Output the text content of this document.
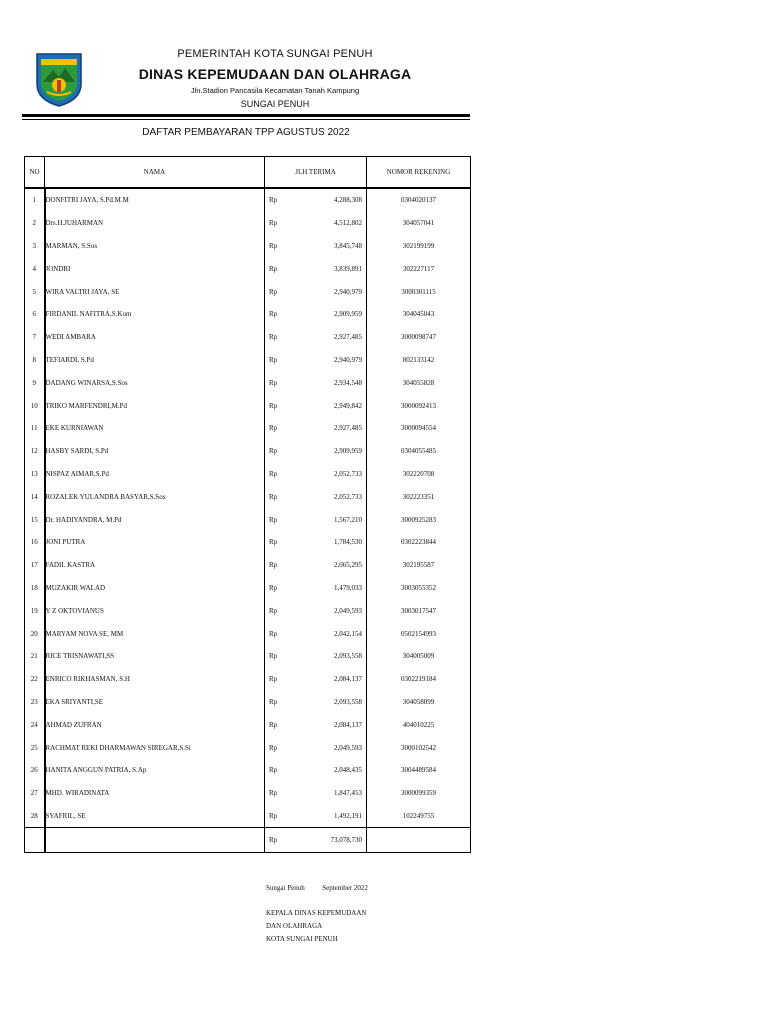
PEMERINTAH KOTA SUNGAI PENUH
DINAS KEPEMUDAAN DAN OLAHRAGA
Jln.Stadion Pancasila Kecamatan Tanah Kampung
SUNGAI PENUH
DAFTAR PEMBAYARAN TPP AGUSTUS 2022
NO	NAMA	JLH TERIMA	NOMOR REKENING
1	DONFITRI JAYA, S.Pd.M.M	Rp 4,288,308	0304020137
2	Drs.H.JUHARMAN	Rp 4,512,802	304057041
3	MARMAN, S.Sos	Rp 3,845,748	302199199
4	JONDRI	Rp 3,839,891	302227117
5	WIRA VALTRI JAYA, SE	Rp 2,940,979	3000301115
6	FIRDANIL NAFITRA,S.Kom	Rp 2,909,959	304045043
7	WEDI AMBARA	Rp 2,927,485	3000098747
8	TEFIARDI, S.Pd	Rp 2,940,979	802133142
9	DADANG WINARSA,S.Sos	Rp 2,934,548	304055828
10	TRIKO MARFENDRI,M.Pd	Rp 2,949,842	3000092413
11	EKE KURNIAWAN	Rp 2,927,485	3000094554
12	HASBY SARDI, S.Pd	Rp 2,909,959	0304055485
13	NISPAZ AIMAR,S.Pd	Rp 2,052,733	302220708
14	ROZALEK YULANDRA BASYAR,S.Sos	Rp 2,052,733	302223351
15	Dr. HADIYANDRA, M.Pd	Rp 1,567,210	3000925283
16	JONI PUTRA	Rp 1,784,530	0302223844
17	FADIL KASTRA	Rp 2,065,295	302195587
18	MUZAKIR WALAD	Rp 1,479,033	3003055352
19	Y Z OKTOVIANUS	Rp 2,049,593	3003017547
20	MARYAM NOVA SE, MM	Rp 2,042,154	0502154993
21	RICE TRISNAWATI,SS	Rp 2,093,558	304005009
22	ENRICO RIKHASMAN, S.H	Rp 2,084,137	0302219184
23	EKA SRIYANTI,SE	Rp 2,093,558	304058099
24	AHMAD ZUFRAN	Rp 2,084,137	404010225
25	RACHMAT REKI DHARMAWAN SIREGAR,S.Si	Rp 2,049,593	3000102542
26	HANITA ANGGUN PATRIA, S.Ap	Rp 2,048,435	3004489584
27	MHD. WIRADINATA	Rp 1,847,453	3000099359
28	SYAFRIL, SE	Rp 1,492,191	102249755

		Rp 73,078,730	

Sungai Penuh	September 2022
KEPALA DINAS KEPEMUDAAN
DAN OLAHRAGA
KOTA SUNGAI PENUH
